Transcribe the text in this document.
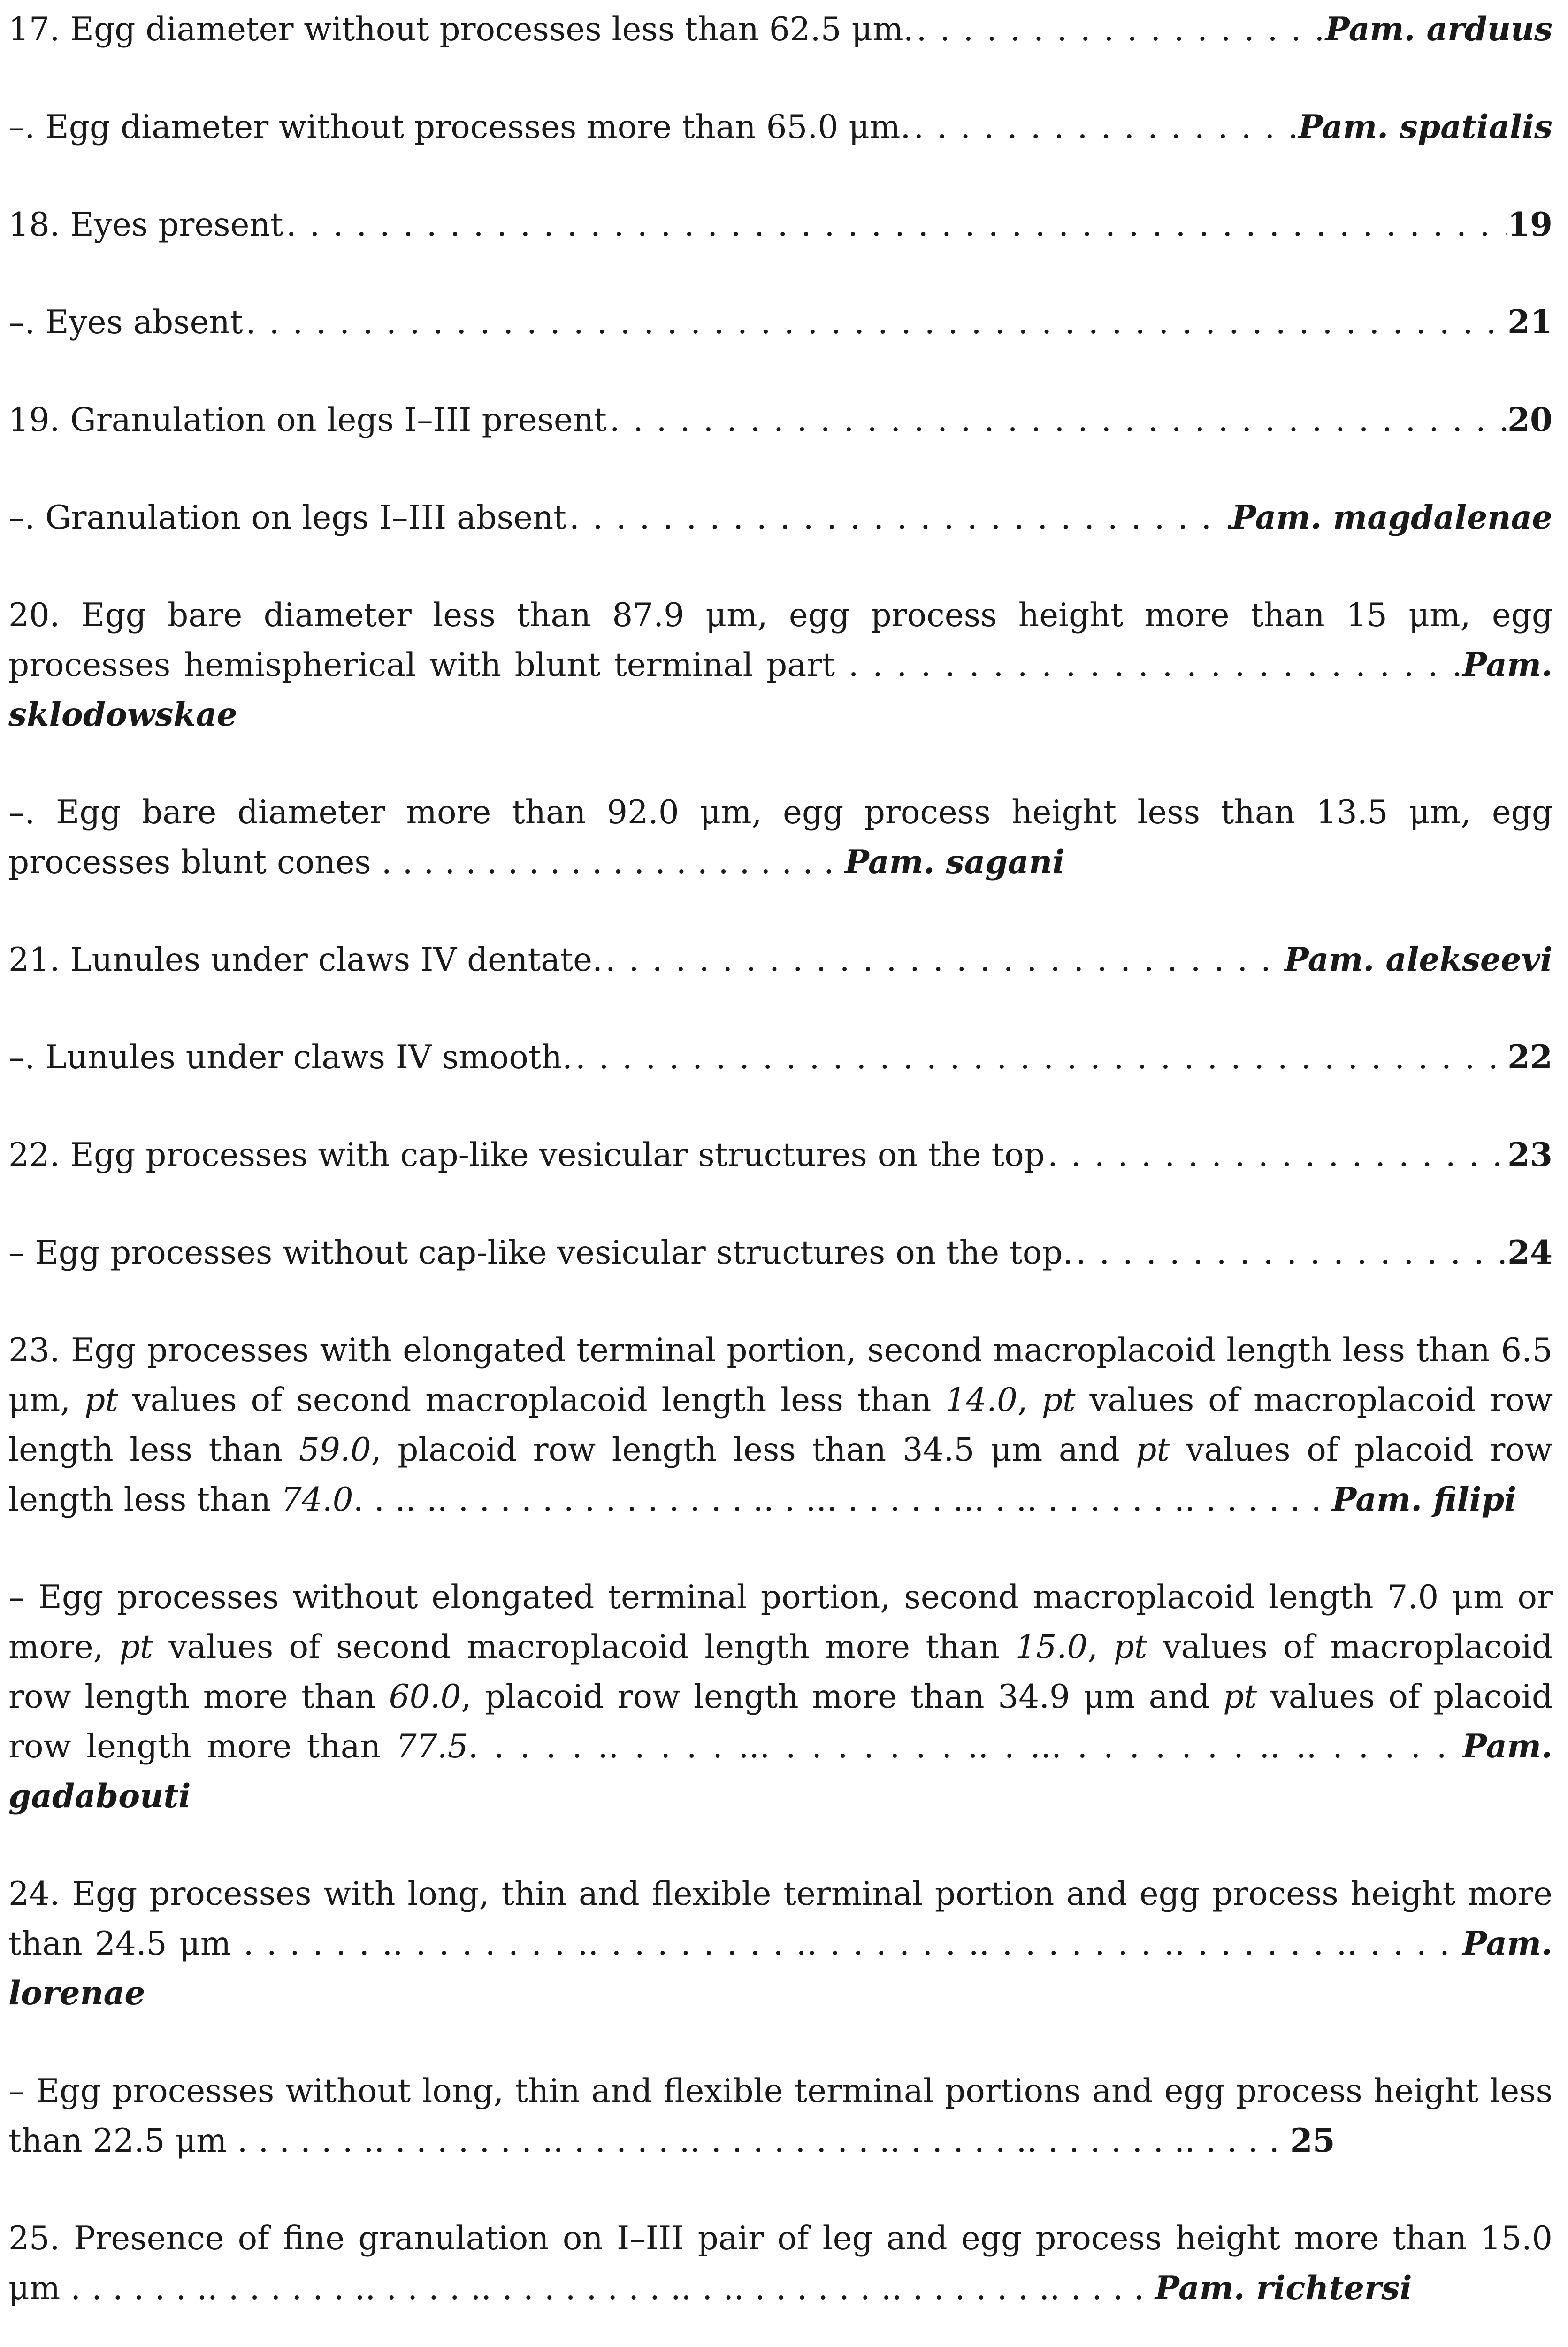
17. Egg diameter without processes less than 62.5 μm. . . .	Pam. arduus
–. Egg diameter without processes more than 65.0 μm. . . .	Pam. spatialis
18. Eyes present . . .	19
–. Eyes absent . . .	21
19. Granulation on legs I–III present . . .	20
–. Granulation on legs I–III absent . . .	Pam. magdalenae
20. Egg bare diameter less than 87.9 μm, egg process height more than 15 μm, egg processes hemispherical with blunt terminal part . . . . . . . . . . . . . . . . . . . . . . . . . .Pam. sklodowskae
–. Egg bare diameter more than 92.0 μm, egg process height less than 13.5 μm, egg processes blunt cones . . . . . . . . . . . . . . . . . . . . . . Pam. sagani
21. Lunules under claws IV dentate. . . .	Pam. alekseevi
–. Lunules under claws IV smooth. . . .	22
22. Egg processes with cap-like vesicular structures on the top . . .	23
– Egg processes without cap-like vesicular structures on the top. . . .	24
23. Egg processes with elongated terminal portion, second macroplacoid length less than 6.5 μm, pt values of second macroplacoid length less than 14.0, pt values of macroplacoid row length less than 59.0, placoid row length less than 34.5 μm and pt values of placoid row length less than 74.0. . .. .. . . . . . . . . . . . . . . .. . ... . . . . . ... . .. . . . . . . .. . . . . . . Pam. filipi
– Egg processes without elongated terminal portion, second macroplacoid length 7.0 μm or more, pt values of second macroplacoid length more than 15.0, pt values of macroplacoid row length more than 60.0, placoid row length more than 34.9 μm and pt values of placoid row length more than 77.5. . . . . .. . . . . ... . . . . . . . .. . ... . . . . . . . .. .. . . . . . Pam. gadabouti
24. Egg processes with long, thin and flexible terminal portion and egg process height more than 24.5 μm . . . . . . .. . . . . . . . .. . . . . . . . . .. . . . . . . .. . . . . . . . .. . . . . . . .. . . . . Pam. lorenae
– Egg processes without long, thin and flexible terminal portions and egg process height less than 22.5 μm . . . . . . .. . . . . . . . .. . . . . . .. . . . . . . . . .. . . . . . .. . . . . . . .. . . . . 25
25. Presence of fine granulation on I–III pair of leg and egg process height more than 15.0 μm . . . . . . .. . . . . . . .. . . . . .. . . . . . . . . .. . .. . . . . . . .. . . . . . . .. . . . . Pam. richtersi
